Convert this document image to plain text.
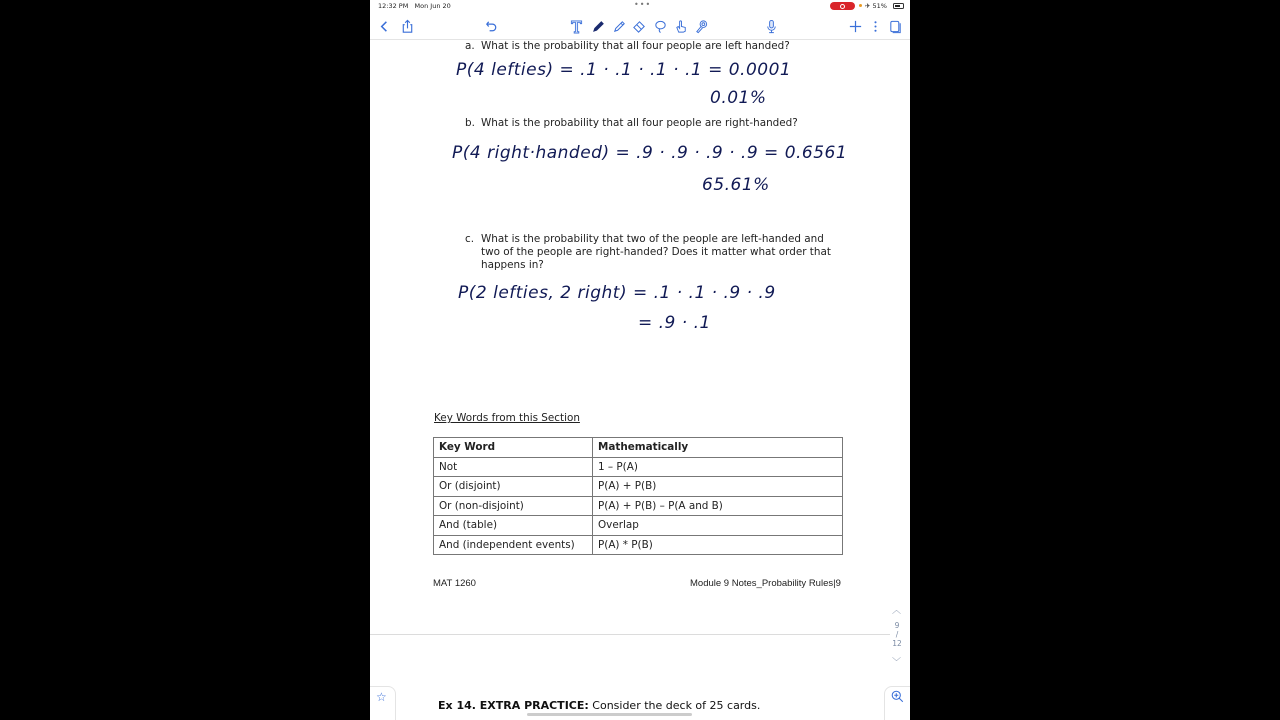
12:32 PM Mon Jun 20	•••	✈ 51%
a. What is the probability that all four people are left handed?
P(4 lefties) = .1 · .1 · .1 · .1 = 0.0001
0.01%
b. What is the probability that all four people are right-handed?
P(4 right·handed) = .9 · .9 · .9 · .9 = 0.6561
65.61%
c. What is the probability that two of the people are left-handed and
two of the people are right-handed? Does it matter what order that
happens in?
P(2 lefties, 2 right) = .1 · .1 · .9 · .9
= .9 · .1
Key Words from this Section
Key Word	Mathematically
Not	1 – P(A)
Or (disjoint)	P(A) + P(B)
Or (non-disjoint)	P(A) + P(B) – P(A and B)
And (table)	Overlap
And (independent events)	P(A) * P(B)
MAT 1260	Module 9 Notes_Probability Rules|9
︿
9
/
12
﹀
Ex 14. EXTRA PRACTICE: Consider the deck of 25 cards.
☆
